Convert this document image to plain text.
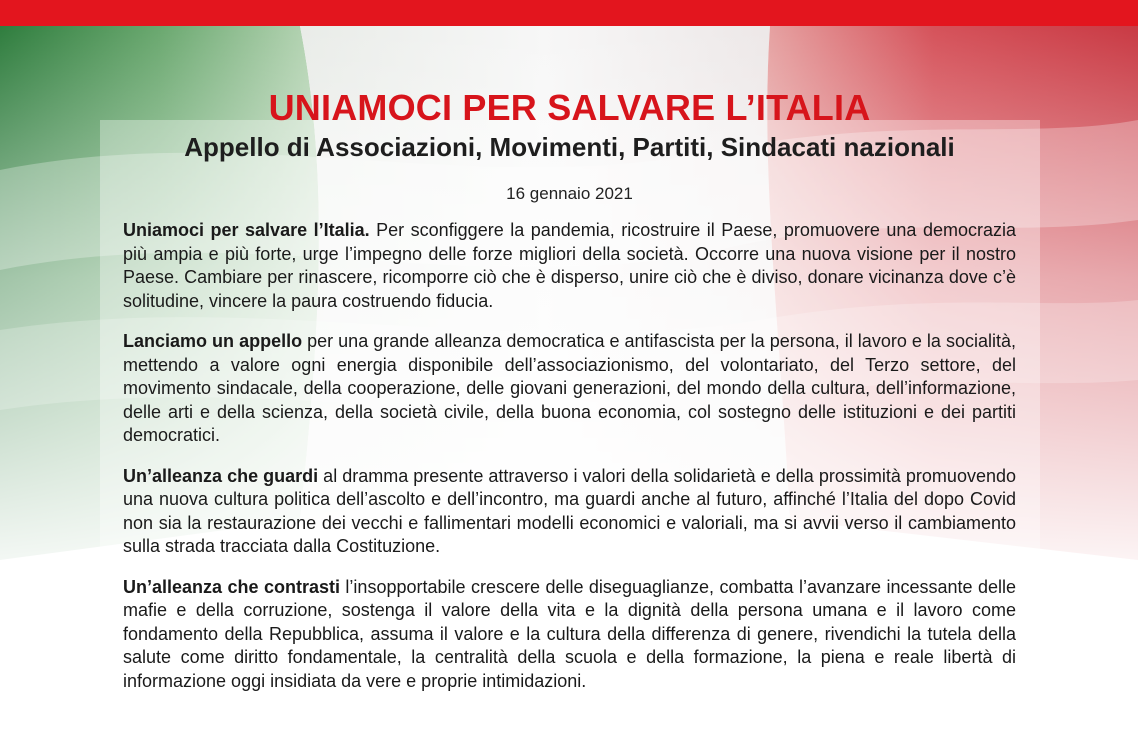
UNIAMOCI PER SALVARE L’ITALIA
Appello di Associazioni, Movimenti, Partiti, Sindacati nazionali
16 gennaio 2021

Uniamoci per salvare l’Italia. Per sconfiggere la pandemia, ricostruire il Paese, promuovere una democrazia più ampia e più forte, urge l’impegno delle forze migliori della società. Occorre una nuova visione per il nostro Paese. Cambiare per rinascere, ricomporre ciò che è disperso, unire ciò che è diviso, donare vicinanza dove c’è solitudine, vincere la paura costruendo fiducia.

Lanciamo un appello per una grande alleanza democratica e antifascista per la persona, il lavoro e la socialità, mettendo a valore ogni energia disponibile dell’associazionismo, del volontariato, del Terzo settore, del movimento sindacale, della cooperazione, delle giovani generazioni, del mondo della cultura, dell’informazione, delle arti e della scienza, della società civile, della buona economia, col sostegno delle istituzioni e dei partiti democratici.

Un’alleanza che guardi al dramma presente attraverso i valori della solidarietà e della prossimità promuovendo una nuova cultura politica dell’ascolto e dell’incontro, ma guardi anche al futuro, affinché l’Italia del dopo Covid non sia la restaurazione dei vecchi e fallimentari modelli economici e valoriali, ma si avvii verso il cambiamento sulla strada tracciata dalla Costituzione.

Un’alleanza che contrasti l’insopportabile crescere delle diseguaglianze, combatta l’avanzare incessante delle mafie e della corruzione, sostenga il valore della vita e la dignità della persona umana e il lavoro come fondamento della Repubblica, assuma il valore e la cultura della differenza di genere, rivendichi la tutela della salute come diritto fondamentale, la centralità della scuola e della formazione, la piena e reale libertà di informazione oggi insidiata da vere e proprie intimidazioni.
